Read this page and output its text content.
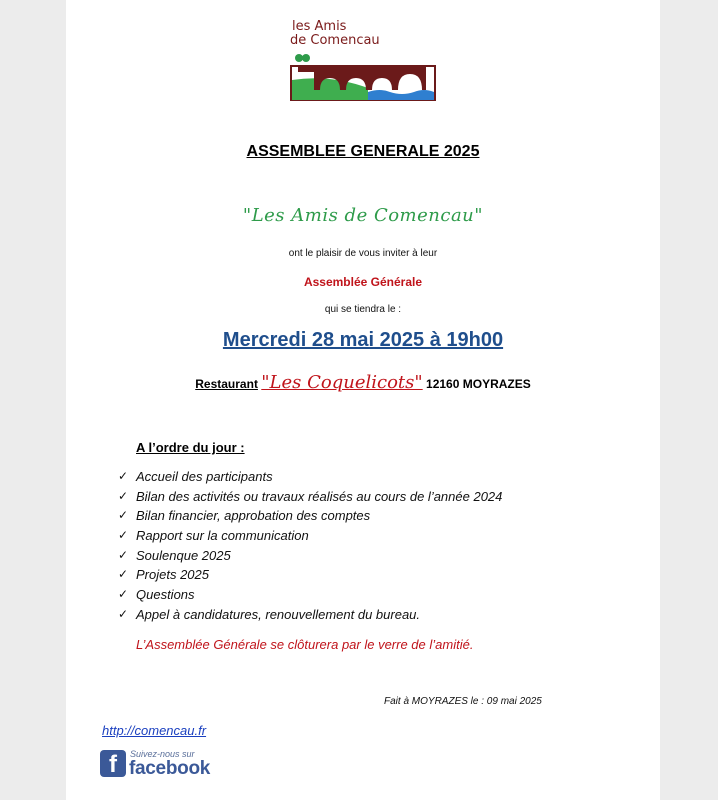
les Amis
de Comencau
ASSEMBLEE GENERALE 2025
"Les Amis de Comencau"
ont le plaisir de vous inviter à leur
Assemblée Générale
qui se tiendra le :
Mercredi 28 mai 2025 à 19h00
Restaurant "Les Coquelicots" 12160 MOYRAZES
A l’ordre du jour :
✓ Accueil des participants
✓ Bilan des activités ou travaux réalisés au cours de l’année 2024
✓ Bilan financier, approbation des comptes
✓ Rapport sur la communication
✓ Soulenque 2025
✓ Projets 2025
✓ Questions
✓ Appel à candidatures, renouvellement du bureau.
L’Assemblée Générale se clôturera par le verre de l’amitié.
Fait à MOYRAZES le : 09 mai 2025
http://comencau.fr
f	Suivez-nous sur
facebook
